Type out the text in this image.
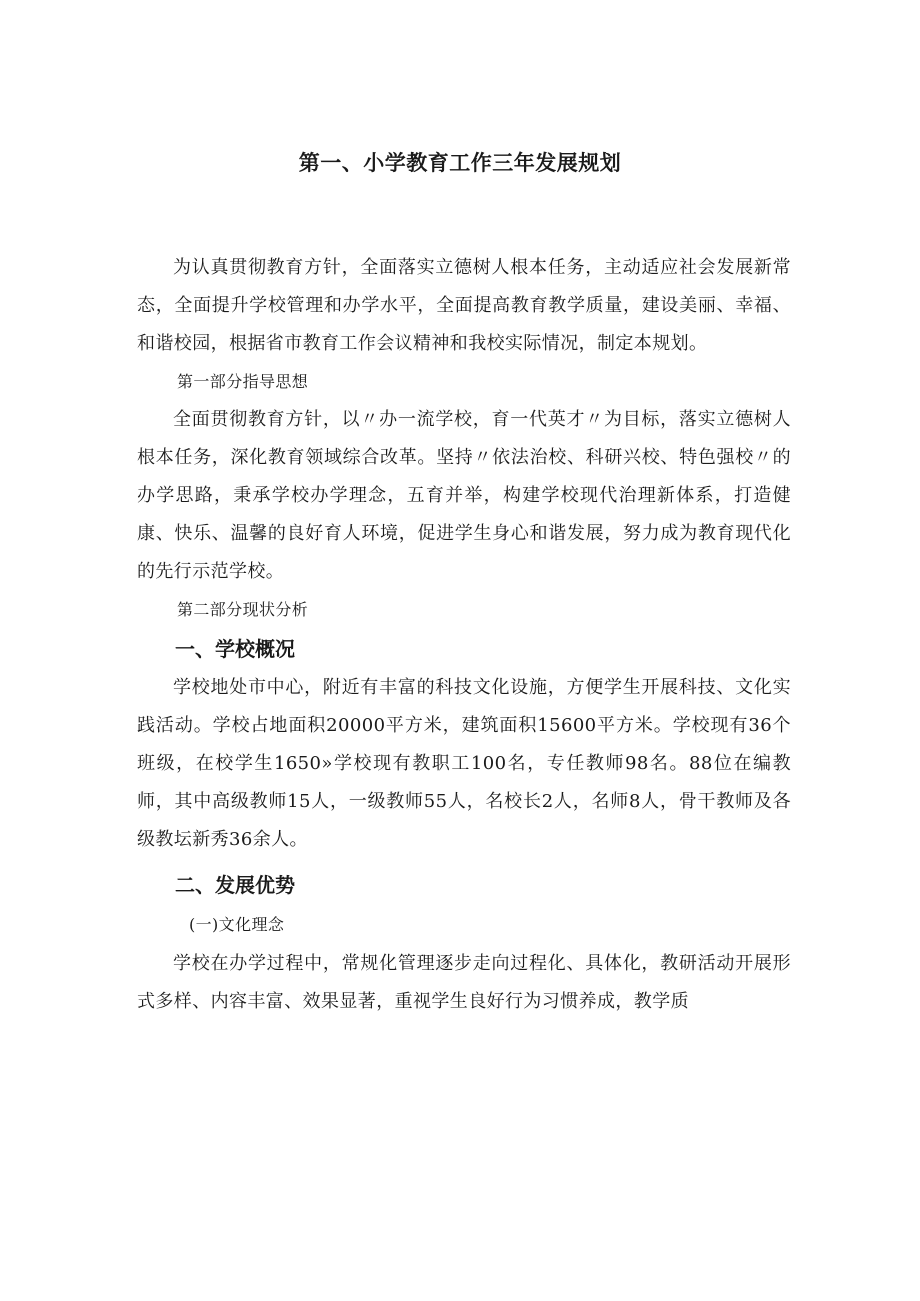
第一、小学教育工作三年发展规划

为认真贯彻教育方针，全面落实立德树人根本任务，主动适应社会发展新常态，全面提升学校管理和办学水平，全面提高教育教学质量，建设美丽、幸福、和谐校园，根据省市教育工作会议精神和我校实际情况，制定本规划。

第一部分指导思想

全面贯彻教育方针，以〃办一流学校，育一代英才〃为目标，落实立德树人根本任务，深化教育领域综合改革。坚持〃依法治校、科研兴校、特色强校〃的办学思路，秉承学校办学理念，五育并举，构建学校现代治理新体系，打造健康、快乐、温馨的良好育人环境，促进学生身心和谐发展，努力成为教育现代化的先行示范学校。

第二部分现状分析

一、学校概况

学校地处市中心，附近有丰富的科技文化设施，方便学生开展科技、文化实践活动。学校占地面积20000平方米，建筑面积15600平方米。学校现有36个班级，在校学生1650»学校现有教职工100名，专任教师98名。88位在编教师，其中高级教师15人，一级教师55人，名校长2人，名师8人，骨干教师及各级教坛新秀36余人。

二、发展优势

(一)文化理念

学校在办学过程中，常规化管理逐步走向过程化、具体化，教研活动开展形式多样、内容丰富、效果显著，重视学生良好行为习惯养成，教学质
